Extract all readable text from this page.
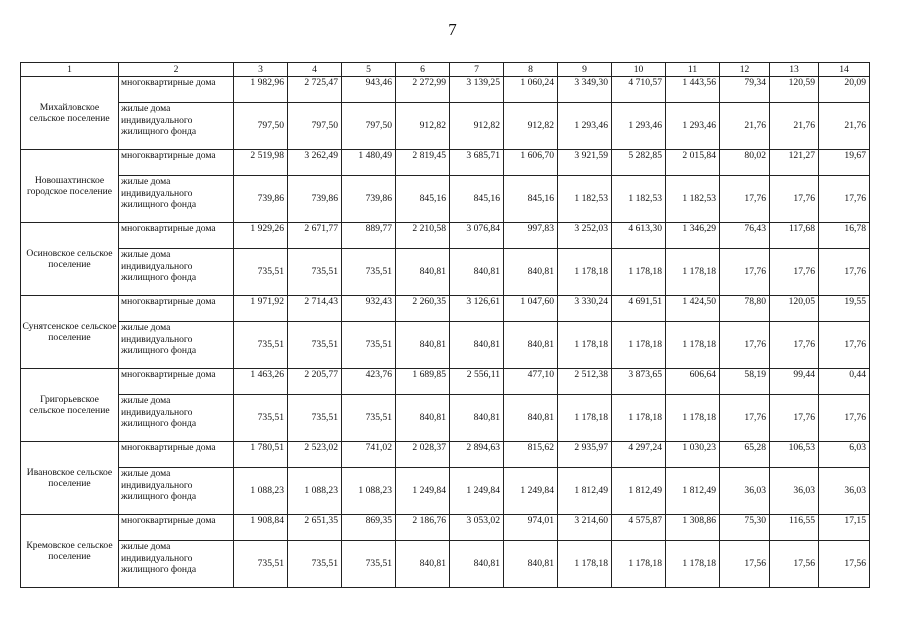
7
1	2	3	4	5	6	7	8	9	10	11	12	13	14
Михайловское сельское поселение	многоквартирные дома	1 982,96	2 725,47	943,46	2 272,99	3 139,25	1 060,24	3 349,30	4 710,57	1 443,56	79,34	120,59	20,09
	жилые дома индивидуального жилищного фонда	797,50	797,50	797,50	912,82	912,82	912,82	1 293,46	1 293,46	1 293,46	21,76	21,76	21,76
Новошахтинское городское поселение	многоквартирные дома	2 519,98	3 262,49	1 480,49	2 819,45	3 685,71	1 606,70	3 921,59	5 282,85	2 015,84	80,02	121,27	19,67
	жилые дома индивидуального жилищного фонда	739,86	739,86	739,86	845,16	845,16	845,16	1 182,53	1 182,53	1 182,53	17,76	17,76	17,76
Осиновское сельское поселение	многоквартирные дома	1 929,26	2 671,77	889,77	2 210,58	3 076,84	997,83	3 252,03	4 613,30	1 346,29	76,43	117,68	16,78
	жилые дома индивидуального жилищного фонда	735,51	735,51	735,51	840,81	840,81	840,81	1 178,18	1 178,18	1 178,18	17,76	17,76	17,76
Сунятсенское сельское поселение	многоквартирные дома	1 971,92	2 714,43	932,43	2 260,35	3 126,61	1 047,60	3 330,24	4 691,51	1 424,50	78,80	120,05	19,55
	жилые дома индивидуального жилищного фонда	735,51	735,51	735,51	840,81	840,81	840,81	1 178,18	1 178,18	1 178,18	17,76	17,76	17,76
Григорьевское сельское поселение	многоквартирные дома	1 463,26	2 205,77	423,76	1 689,85	2 556,11	477,10	2 512,38	3 873,65	606,64	58,19	99,44	0,44
	жилые дома индивидуального жилищного фонда	735,51	735,51	735,51	840,81	840,81	840,81	1 178,18	1 178,18	1 178,18	17,76	17,76	17,76
Ивановское сельское поселение	многоквартирные дома	1 780,51	2 523,02	741,02	2 028,37	2 894,63	815,62	2 935,97	4 297,24	1 030,23	65,28	106,53	6,03
	жилые дома индивидуального жилищного фонда	1 088,23	1 088,23	1 088,23	1 249,84	1 249,84	1 249,84	1 812,49	1 812,49	1 812,49	36,03	36,03	36,03
Кремовское сельское поселение	многоквартирные дома	1 908,84	2 651,35	869,35	2 186,76	3 053,02	974,01	3 214,60	4 575,87	1 308,86	75,30	116,55	17,15
	жилые дома индивидуального жилищного фонда	735,51	735,51	735,51	840,81	840,81	840,81	1 178,18	1 178,18	1 178,18	17,56	17,56	17,56
